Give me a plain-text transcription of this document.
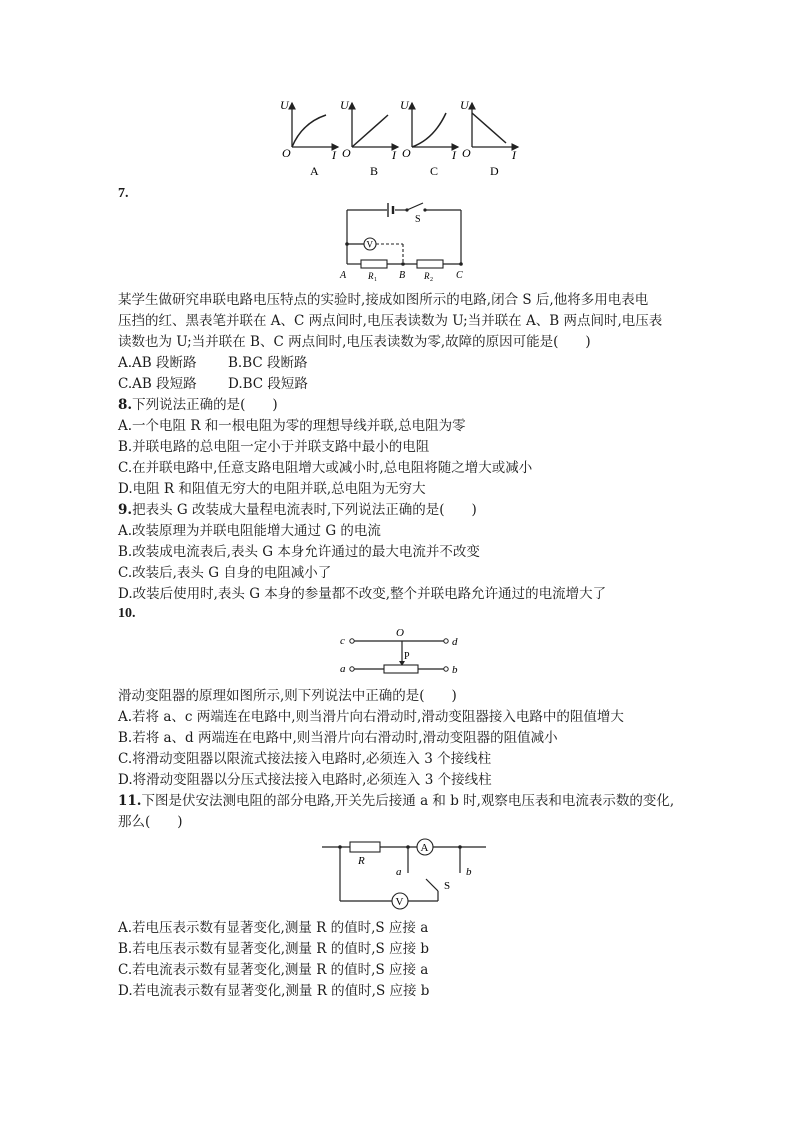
U
O	I
A
U
O	I
B
U
O	I
C
U
O	I
D
7.
S
V
A R 1 B R 2 C
某学生做研究串联电路电压特点的实验时,接成如图所示的电路,闭合 S 后,他将多用电表电
压挡的红、黑表笔并联在 A、C 两点间时,电压表读数为 U;当并联在 A、B 两点间时,电压表
读数也为 U;当并联在 B、C 两点间时,电压表读数为零,故障的原因可能是(　　)
A.AB 段断路 B.BC 段断路
C.AB 段短路 D.BC 段短路
8.下列说法正确的是(　　)
A.一个电阻 R 和一根电阻为零的理想导线并联,总电阻为零
B.并联电路的总电阻一定小于并联支路中最小的电阻
C.在并联电路中,任意支路电阻增大或减小时,总电阻将随之增大或减小
D.电阻 R 和阻值无穷大的电阻并联,总电阻为无穷大
9.把表头 G 改装成大量程电流表时,下列说法正确的是(　　)
A.改装原理为并联电阻能增大通过 G 的电流
B.改装成电流表后,表头 G 本身允许通过的最大电流并不改变
C.改装后,表头 G 自身的电阻减小了
D.改装后使用时,表头 G 本身的参量都不改变,整个并联电路允许通过的电流增大了
10.
c	d
O
P
a	b
滑动变阻器的原理如图所示,则下列说法中正确的是(　　)
A.若将 a、c 两端连在电路中,则当滑片向右滑动时,滑动变阻器接入电路中的阻值增大
B.若将 a、d 两端连在电路中,则当滑片向右滑动时,滑动变阻器的阻值减小
C.将滑动变阻器以限流式接法接入电路时,必须连入 3 个接线柱
D.将滑动变阻器以分压式接法接入电路时,必须连入 3 个接线柱
11.下图是伏安法测电阻的部分电路,开关先后接通 a 和 b 时,观察电压表和电流表示数的变化,
那么(　　)
A
R
V
a	b
S
A.若电压表示数有显著变化,测量 R 的值时,S 应接 a
B.若电压表示数有显著变化,测量 R 的值时,S 应接 b
C.若电流表示数有显著变化,测量 R 的值时,S 应接 a
D.若电流表示数有显著变化,测量 R 的值时,S 应接 b
